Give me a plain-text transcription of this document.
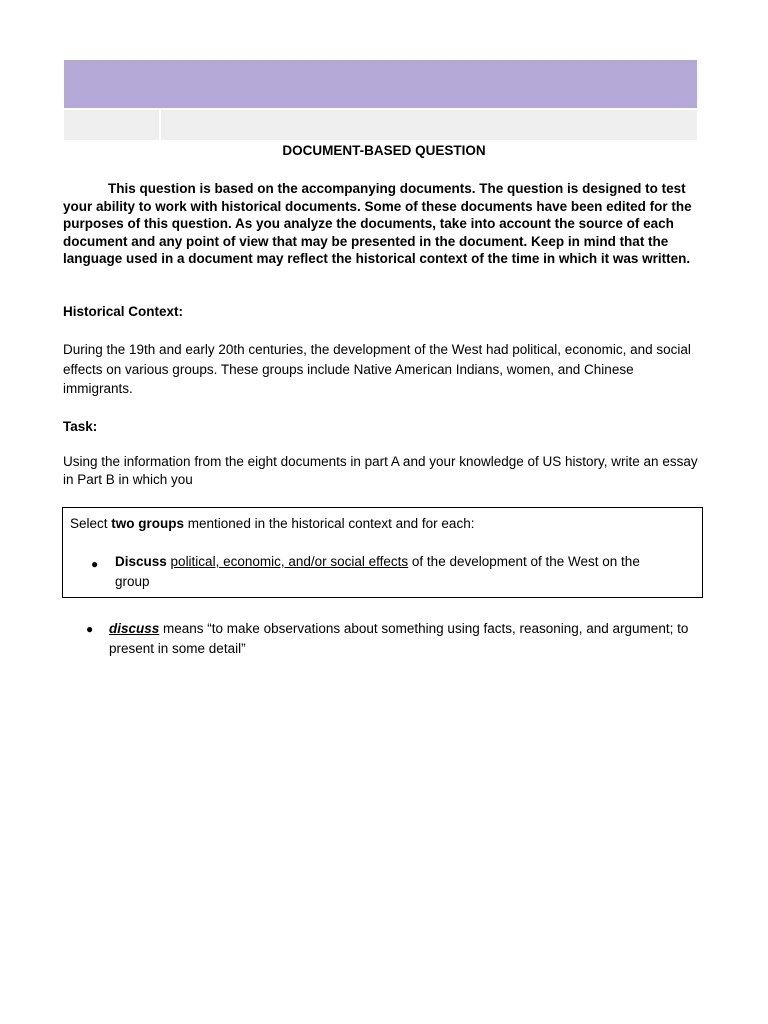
DOCUMENT-BASED QUESTION

This question is based on the accompanying documents. The question is designed to test your ability to work with historical documents. Some of these documents have been edited for the purposes of this question. As you analyze the documents, take into account the source of each document and any point of view that may be presented in the document. Keep in mind that the language used in a document may reflect the historical context of the time in which it was written.

Historical Context:

During the 19th and early 20th centuries, the development of the West had political, economic, and social effects on various groups. These groups include Native American Indians, women, and Chinese immigrants.

Task:

Using the information from the eight documents in part A and your knowledge of US history, write an essay in Part B in which you

Select two groups mentioned in the historical context and for each:
● Discuss political, economic, and/or social effects of the development of the West on the group
● discuss means “to make observations about something using facts, reasoning, and argument; to present in some detail”
